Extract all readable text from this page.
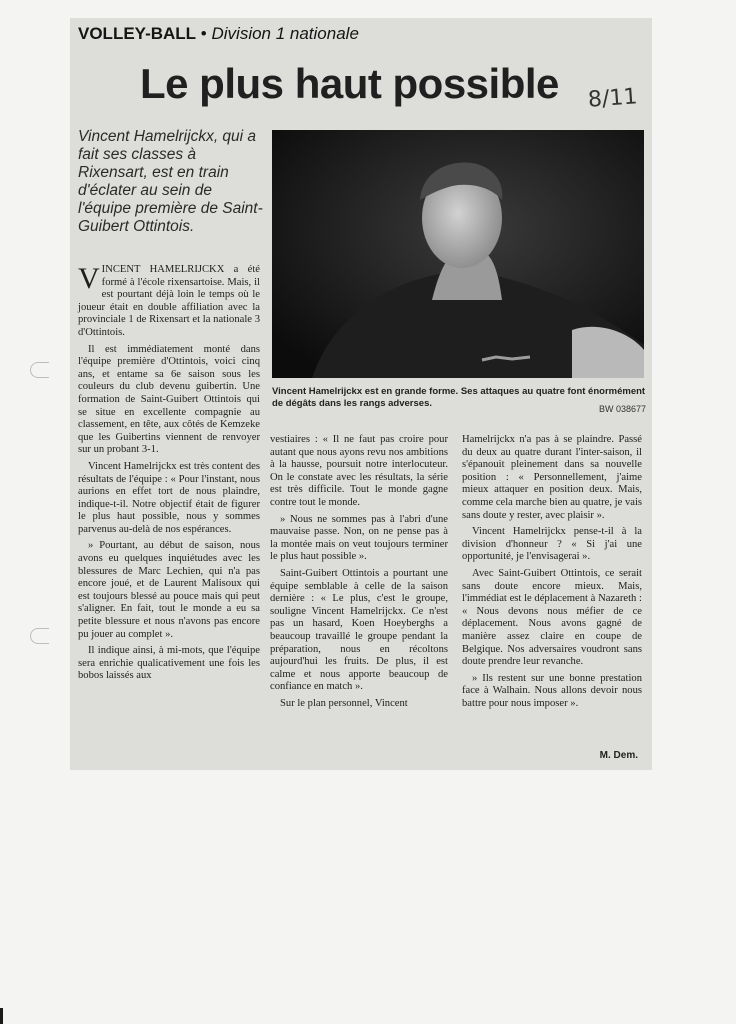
VOLLEY-BALL • Division 1 nationale
Le plus haut possible 8/11
Vincent Hamelrijckx, qui a fait ses classes à Rixensart, est en train d'éclater au sein de l'équipe première de Saint-Guibert Ottintois.
Vincent Hamelrijckx est en grande forme. Ses attaques au quatre font énormément de dégâts dans les rangs adverses.
BW 038677

VINCENT HAMELRIJCKX a été formé à l'école rixensartoise. Mais, il est pourtant déjà loin le temps où le joueur était en double affiliation avec la provinciale 1 de Rixensart et la nationale 3 d'Ottintois.

Il est immédiatement monté dans l'équipe première d'Ottintois, voici cinq ans, et entame sa 6e saison sous les couleurs du club devenu guibertin. Une formation de Saint-Guibert Ottintois qui se situe en excellente compagnie au classement, en tête, aux côtés de Kemzeke que les Guibertins viennent de renvoyer sur un probant 3-1.

Vincent Hamelrijckx est très content des résultats de l'équipe : « Pour l'instant, nous aurions en effet tort de nous plaindre, indique-t-il. Notre objectif était de figurer le plus haut possible, nous y sommes parvenus au-delà de nos espérances.

» Pourtant, au début de saison, nous avons eu quelques inquiétudes avec les blessures de Marc Lechien, qui n'a pas encore joué, et de Laurent Malisoux qui est toujours blessé au pouce mais qui peut s'aligner. En fait, tout le monde a eu sa petite blessure et nous n'avons pas encore pu jouer au complet ».

Il indique ainsi, à mi-mots, que l'équipe sera enrichie qualicativement une fois les bobos laissés aux

vestiaires : « Il ne faut pas croire pour autant que nous ayons revu nos ambitions à la hausse, poursuit notre interlocuteur. On le constate avec les résultats, la série est très difficile. Tout le monde gagne contre tout le monde.

» Nous ne sommes pas à l'abri d'une mauvaise passe. Non, on ne pense pas à la montée mais on veut toujours terminer le plus haut possible ».

Saint-Guibert Ottintois a pourtant une équipe semblable à celle de la saison dernière : « Le plus, c'est le groupe, souligne Vincent Hamelrijckx. Ce n'est pas un hasard, Koen Hoeyberghs a beaucoup travaillé le groupe pendant la préparation, nous en récoltons aujourd'hui les fruits. De plus, il est calme et nous apporte beaucoup de confiance en match ».

Sur le plan personnel, Vincent

Hamelrijckx n'a pas à se plaindre. Passé du deux au quatre durant l'inter-saison, il s'épanouit pleinement dans sa nouvelle position : « Personnellement, j'aime mieux attaquer en position deux. Mais, comme cela marche bien au quatre, je vais sans doute y rester, avec plaisir ».

Vincent Hamelrijckx pense-t-il à la division d'honneur ? « Si j'ai une opportunité, je l'envisagerai ».

Avec Saint-Guibert Ottintois, ce serait sans doute encore mieux. Mais, l'immédiat est le déplacement à Nazareth : « Nous devons nous méfier de ce déplacement. Nous avons gagné de manière assez claire en coupe de Belgique. Nos adversaires voudront sans doute prendre leur revanche.

» Ils restent sur une bonne prestation face à Walhain. Nous allons devoir nous battre pour nous imposer ».

M. Dem.
